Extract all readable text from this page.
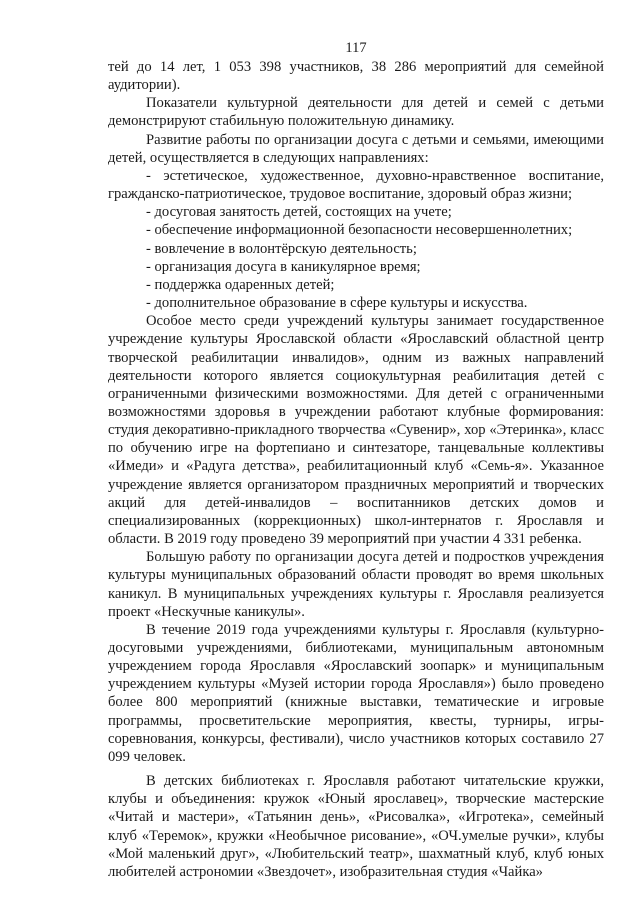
117

тей до 14 лет, 1 053 398 участников, 38 286 мероприятий для семейной аудитории).

Показатели культурной деятельности для детей и семей с детьми демонстрируют стабильную положительную динамику.

Развитие работы по организации досуга с детьми и семьями, имеющими детей, осуществляется в следующих направлениях:

- эстетическое, художественное, духовно-нравственное воспитание, гражданско-патриотическое, трудовое воспитание, здоровый образ жизни;

- досуговая занятость детей, состоящих на учете;

- обеспечение информационной безопасности несовершеннолетних;

- вовлечение в волонтёрскую деятельность;

- организация досуга в каникулярное время;

- поддержка одаренных детей;

- дополнительное образование в сфере культуры и искусства.

Особое место среди учреждений культуры занимает государственное учреждение культуры Ярославской области «Ярославский областной центр творческой реабилитации инвалидов», одним из важных направлений деятельности которого является социокультурная реабилитация детей с ограниченными физическими возможностями. Для детей с ограниченными возможностями здоровья в учреждении работают клубные формирования: студия декоративно-прикладного творчества «Сувенир», хор «Этеринка», класс по обучению игре на фортепиано и синтезаторе, танцевальные коллективы «Имеди» и «Радуга детства», реабилитационный клуб «Семь-я». Указанное учреждение является организатором праздничных мероприятий и творческих акций для детей-инвалидов – воспитанников детских домов и специализированных (коррекционных) школ-интернатов г. Ярославля и области. В 2019 году проведено 39 мероприятий при участии 4 331 ребенка.

Большую работу по организации досуга детей и подростков учреждения культуры муниципальных образований области проводят во время школьных каникул. В муниципальных учреждениях культуры г. Ярославля реализуется проект «Нескучные каникулы».

В течение 2019 года учреждениями культуры г. Ярославля (культурно-досуговыми учреждениями, библиотеками, муниципальным автономным учреждением города Ярославля «Ярославский зоопарк» и муниципальным учреждением культуры «Музей истории города Ярославля») было проведено более 800 мероприятий (книжные выставки, тематические и игровые программы, просветительские мероприятия, квесты, турниры, игры-соревнования, конкурсы, фестивали), число участников которых составило 27 099 человек.

В детских библиотеках г. Ярославля работают читательские кружки, клубы и объединения: кружок «Юный ярославец», творческие мастерские «Читай и мастери», «Татьянин день», «Рисовалка», «Игротека», семейный клуб «Теремок», кружки «Необычное рисование», «ОЧ.умелые ручки», клубы «Мой маленький друг», «Любительский театр», шахматный клуб, клуб юных любителей астрономии «Звездочет», изобразительная студия «Чайка»
